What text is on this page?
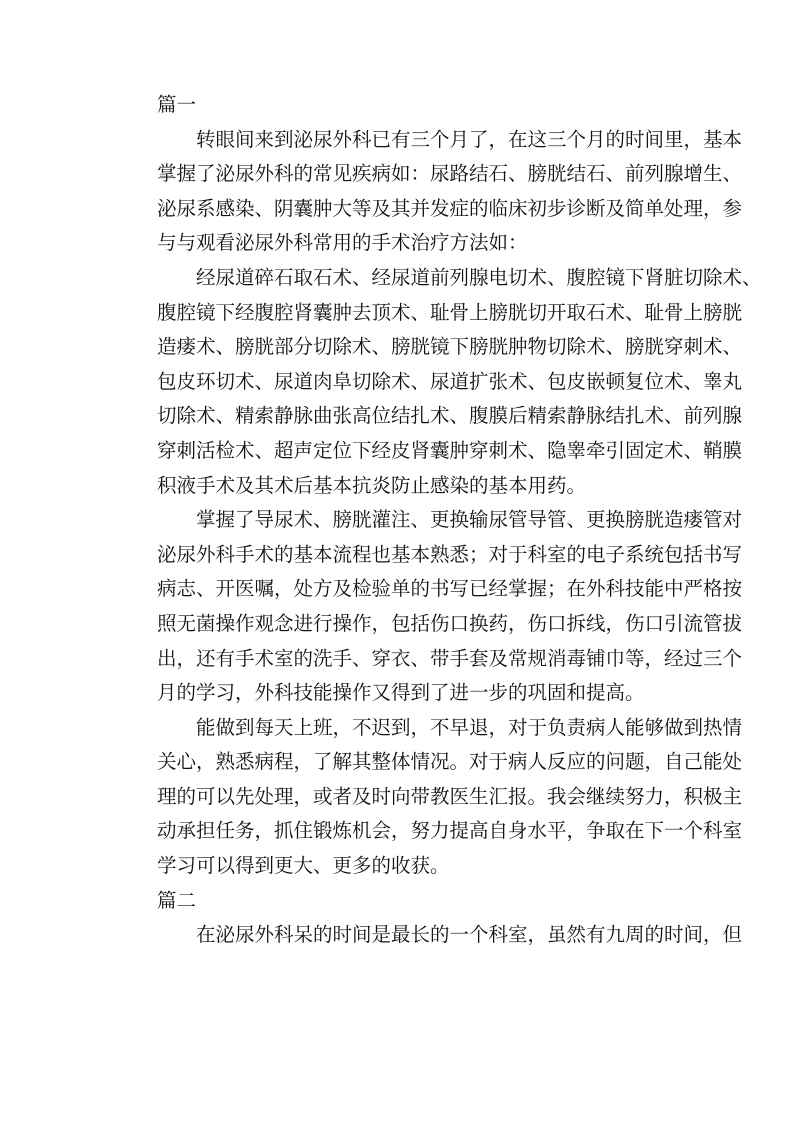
篇一

转眼间来到泌尿外科已有三个月了，在这三个月的时间里，基本
掌握了泌尿外科的常见疾病如：尿路结石、膀胱结石、前列腺增生、
泌尿系感染、阴囊肿大等及其并发症的临床初步诊断及简单处理，参
与与观看泌尿外科常用的手术治疗方法如：
经尿道碎石取石术、经尿道前列腺电切术、腹腔镜下肾脏切除术、
腹腔镜下经腹腔肾囊肿去顶术、耻骨上膀胱切开取石术、耻骨上膀胱
造瘘术、膀胱部分切除术、膀胱镜下膀胱肿物切除术、膀胱穿刺术、
包皮环切术、尿道肉阜切除术、尿道扩张术、包皮嵌顿复位术、睾丸
切除术、精索静脉曲张高位结扎术、腹膜后精索静脉结扎术、前列腺
穿刺活检术、超声定位下经皮肾囊肿穿刺术、隐睾牵引固定术、鞘膜
积液手术及其术后基本抗炎防止感染的基本用药。
掌握了导尿术、膀胱灌注、更换输尿管导管、更换膀胱造瘘管对
泌尿外科手术的基本流程也基本熟悉；对于科室的电子系统包括书写
病志、开医嘱，处方及检验单的书写已经掌握；在外科技能中严格按
照无菌操作观念进行操作，包括伤口换药，伤口拆线，伤口引流管拔
出，还有手术室的洗手、穿衣、带手套及常规消毒铺巾等，经过三个
月的学习，外科技能操作又得到了进一步的巩固和提高。
能做到每天上班，不迟到，不早退，对于负责病人能够做到热情
关心，熟悉病程，了解其整体情况。对于病人反应的问题，自己能处
理的可以先处理，或者及时向带教医生汇报。我会继续努力，积极主
动承担任务，抓住锻炼机会，努力提高自身水平，争取在下一个科室
学习可以得到更大、更多的收获。

篇二

在泌尿外科呆的时间是最长的一个科室，虽然有九周的时间，但
